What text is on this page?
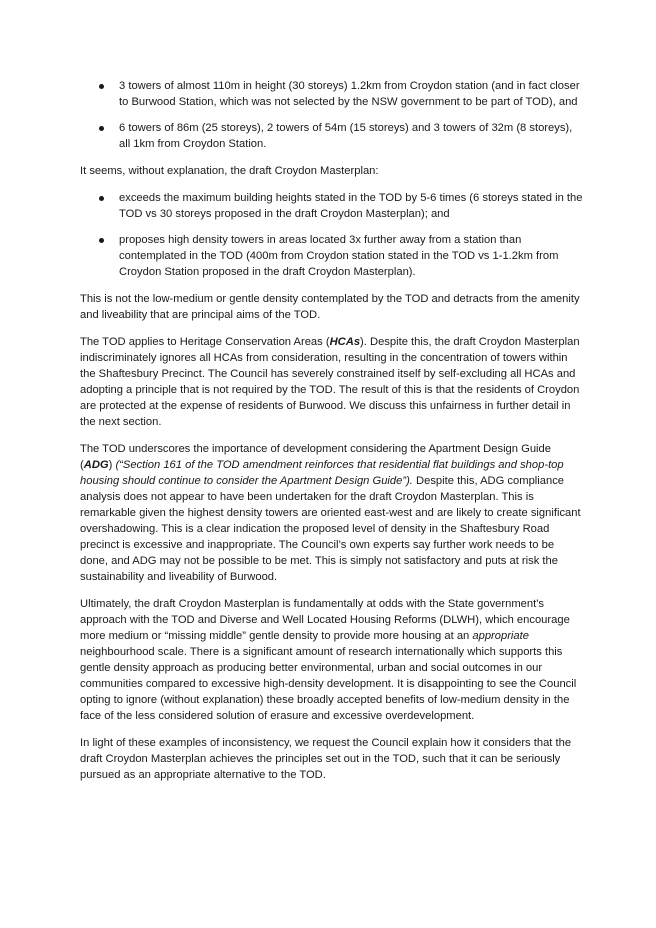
3 towers of almost 110m in height (30 storeys) 1.2km from Croydon station (and in fact closer to Burwood Station, which was not selected by the NSW government to be part of TOD), and
6 towers of 86m (25 storeys), 2 towers of 54m (15 storeys) and 3 towers of 32m (8 storeys), all 1km from Croydon Station.

It seems, without explanation, the draft Croydon Masterplan:

exceeds the maximum building heights stated in the TOD by 5-6 times (6 storeys stated in the TOD vs 30 storeys proposed in the draft Croydon Masterplan); and
proposes high density towers in areas located 3x further away from a station than contemplated in the TOD (400m from Croydon station stated in the TOD vs 1-1.2km from Croydon Station proposed in the draft Croydon Masterplan).

This is not the low-medium or gentle density contemplated by the TOD and detracts from the amenity and liveability that are principal aims of the TOD.

The TOD applies to Heritage Conservation Areas (HCAs). Despite this, the draft Croydon Masterplan indiscriminately ignores all HCAs from consideration, resulting in the concentration of towers within the Shaftesbury Precinct. The Council has severely constrained itself by self-excluding all HCAs and adopting a principle that is not required by the TOD. The result of this is that the residents of Croydon are protected at the expense of residents of Burwood. We discuss this unfairness in further detail in the next section.

The TOD underscores the importance of development considering the Apartment Design Guide (ADG) (“Section 161 of the TOD amendment reinforces that residential flat buildings and shop-top housing should continue to consider the Apartment Design Guide”). Despite this, ADG compliance analysis does not appear to have been undertaken for the draft Croydon Masterplan. This is remarkable given the highest density towers are oriented east-west and are likely to create significant overshadowing. This is a clear indication the proposed level of density in the Shaftesbury Road precinct is excessive and inappropriate. The Council’s own experts say further work needs to be done, and ADG may not be possible to be met. This is simply not satisfactory and puts at risk the sustainability and liveability of Burwood.

Ultimately, the draft Croydon Masterplan is fundamentally at odds with the State government's approach with the TOD and Diverse and Well Located Housing Reforms (DLWH), which encourage more medium or “missing middle” gentle density to provide more housing at an appropriate neighbourhood scale. There is a significant amount of research internationally which supports this gentle density approach as producing better environmental, urban and social outcomes in our communities compared to excessive high-density development. It is disappointing to see the Council opting to ignore (without explanation) these broadly accepted benefits of low-medium density in the face of the less considered solution of erasure and excessive overdevelopment.

In light of these examples of inconsistency, we request the Council explain how it considers that the draft Croydon Masterplan achieves the principles set out in the TOD, such that it can be seriously pursued as an appropriate alternative to the TOD.
